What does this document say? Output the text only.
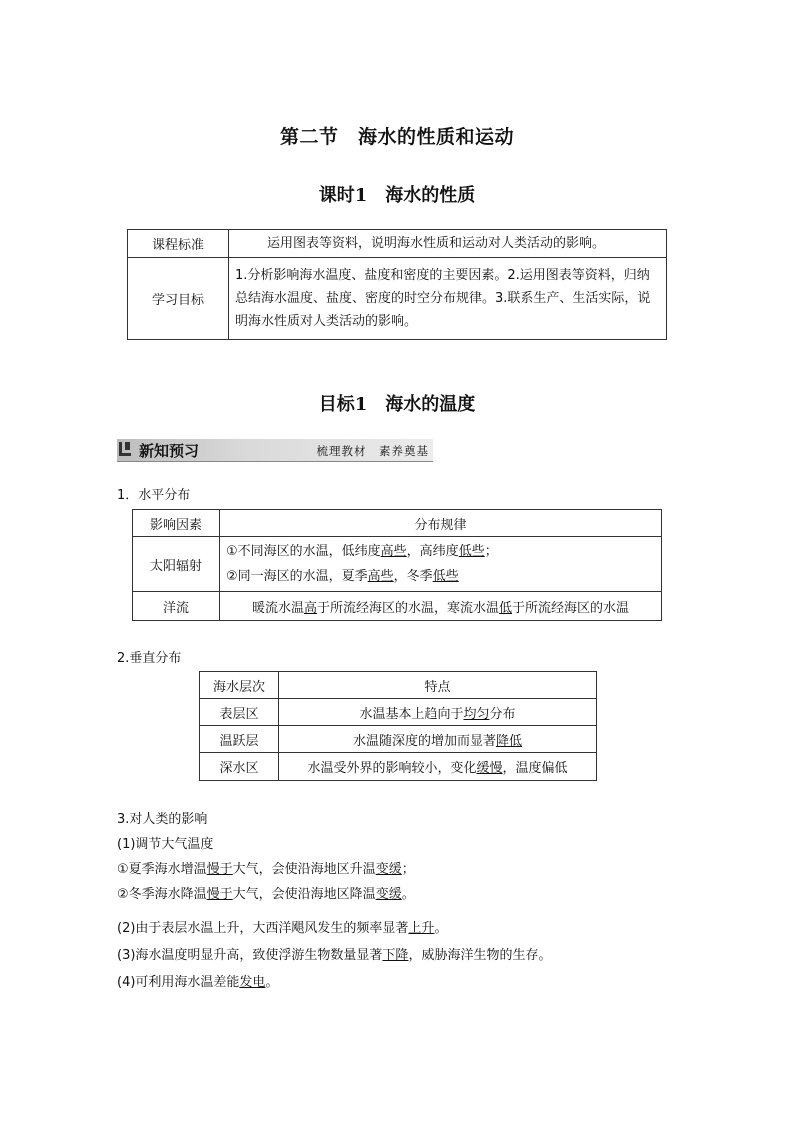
第二节　海水的性质和运动
课时1　海水的性质
课程标准	运用图表等资料，说明海水性质和运动对人类活动的影响。
学习目标	1.分析影响海水温度、盐度和密度的主要因素。2.运用图表等资料，归纳总结海水温度、盐度、密度的时空分布规律。3.联系生产、生活实际，说明海水性质对人类活动的影响。
目标1　海水的温度
新知预习	梳理教材　素养奠基
1．水平分布
影响因素	分布规律
太阳辐射	①不同海区的水温，低纬度高些，高纬度低些；
②同一海区的水温，夏季高些，冬季低些

洋流	暖流水温高于所流经海区的水温，寒流水温低于所流经海区的水温
2.垂直分布
海水层次	特点
表层区	水温基本上趋向于均匀分布
温跃层	水温随深度的增加而显著降低
深水区	水温受外界的影响较小，变化缓慢，温度偏低
3.对人类的影响
(1)调节大气温度
①夏季海水增温慢于大气，会使沿海地区升温变缓；
②冬季海水降温慢于大气，会使沿海地区降温变缓。
(2)由于表层水温上升，大西洋飓风发生的频率显著上升。
(3)海水温度明显升高，致使浮游生物数量显著下降，威胁海洋生物的生存。
(4)可利用海水温差能发电。
